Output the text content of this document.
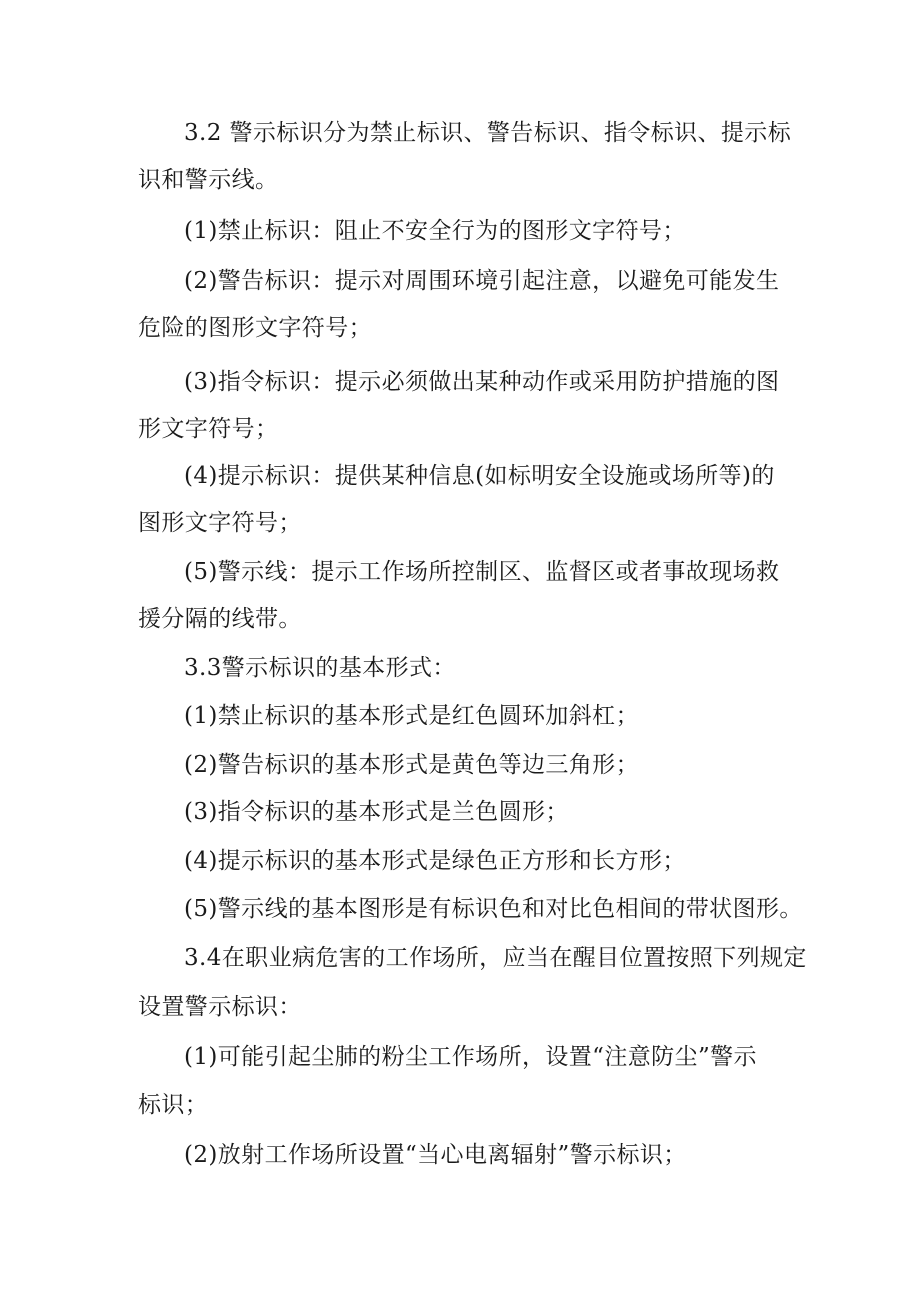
3.2 警示标识分为禁止标识、警告标识、指令标识、提示标
识和警示线。
(1)禁止标识：阻止不安全行为的图形文字符号；
(2)警告标识：提示对周围环境引起注意，以避免可能发生
危险的图形文字符号；
(3)指令标识：提示必须做出某种动作或采用防护措施的图
形文字符号；
(4)提示标识：提供某种信息(如标明安全设施或场所等)的
图形文字符号；
(5)警示线：提示工作场所控制区、监督区或者事故现场救
援分隔的线带。
3.3警示标识的基本形式：
(1)禁止标识的基本形式是红色圆环加斜杠；
(2)警告标识的基本形式是黄色等边三角形；
(3)指令标识的基本形式是兰色圆形；
(4)提示标识的基本形式是绿色正方形和长方形；
(5)警示线的基本图形是有标识色和对比色相间的带状图形。
3.4在职业病危害的工作场所，应当在醒目位置按照下列规定
设置警示标识：
(1)可能引起尘肺的粉尘工作场所，设置“注意防尘”警示
标识；
(2)放射工作场所设置“当心电离辐射”警示标识；
